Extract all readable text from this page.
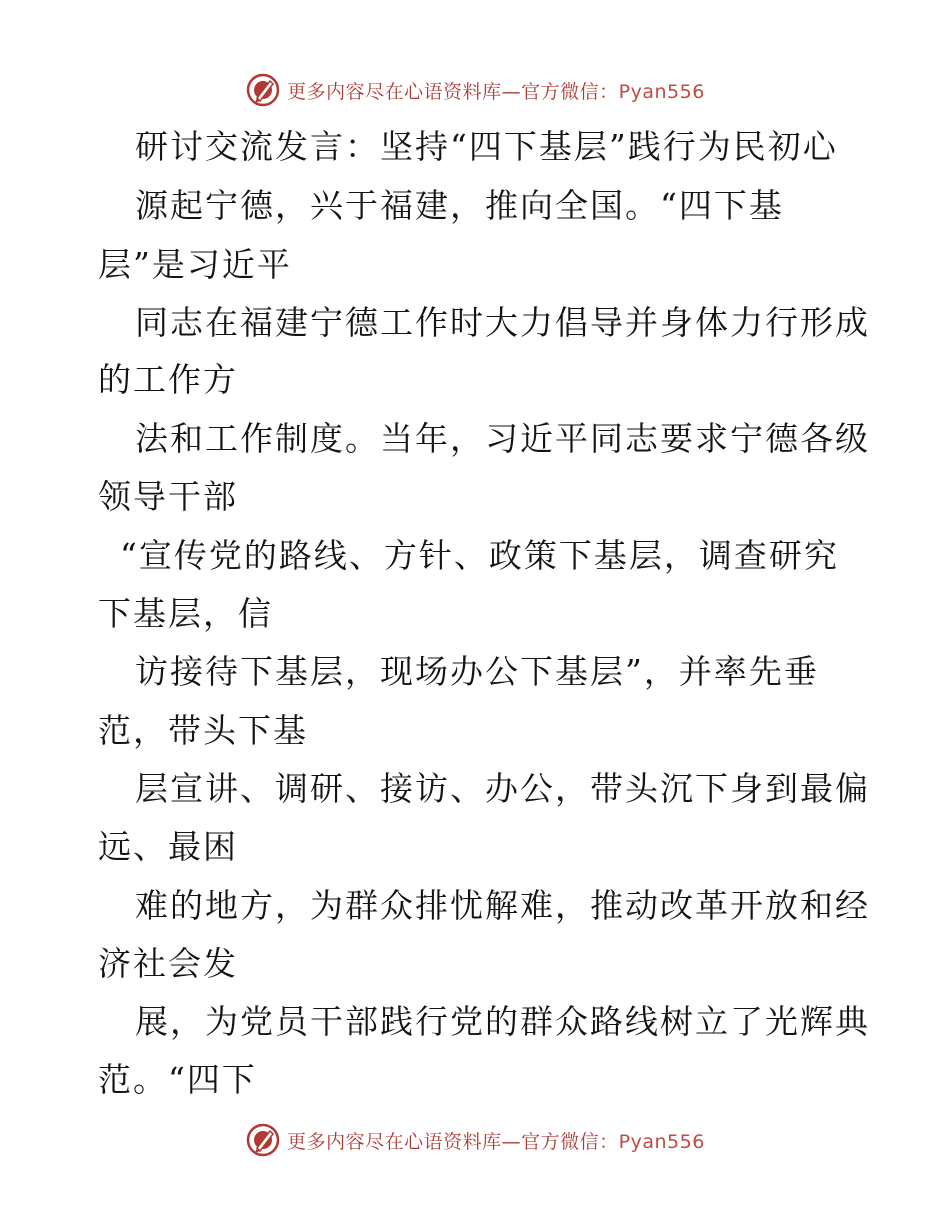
更多内容尽在心语资料库—官方微信：Pyan556
研讨交流发言：坚持“四下基层”践行为民初心
源起宁德，兴于福建，推向全国。“四下基
层”是习近平
同志在福建宁德工作时大力倡导并身体力行形成
的工作方
法和工作制度。当年，习近平同志要求宁德各级
领导干部
“宣传党的路线、方针、政策下基层，调查研究
下基层，信
访接待下基层，现场办公下基层”，并率先垂
范，带头下基
层宣讲、调研、接访、办公，带头沉下身到最偏
远、最困
难的地方，为群众排忧解难，推动改革开放和经
济社会发
展，为党员干部践行党的群众路线树立了光辉典
范。“四下
更多内容尽在心语资料库—官方微信：Pyan556
